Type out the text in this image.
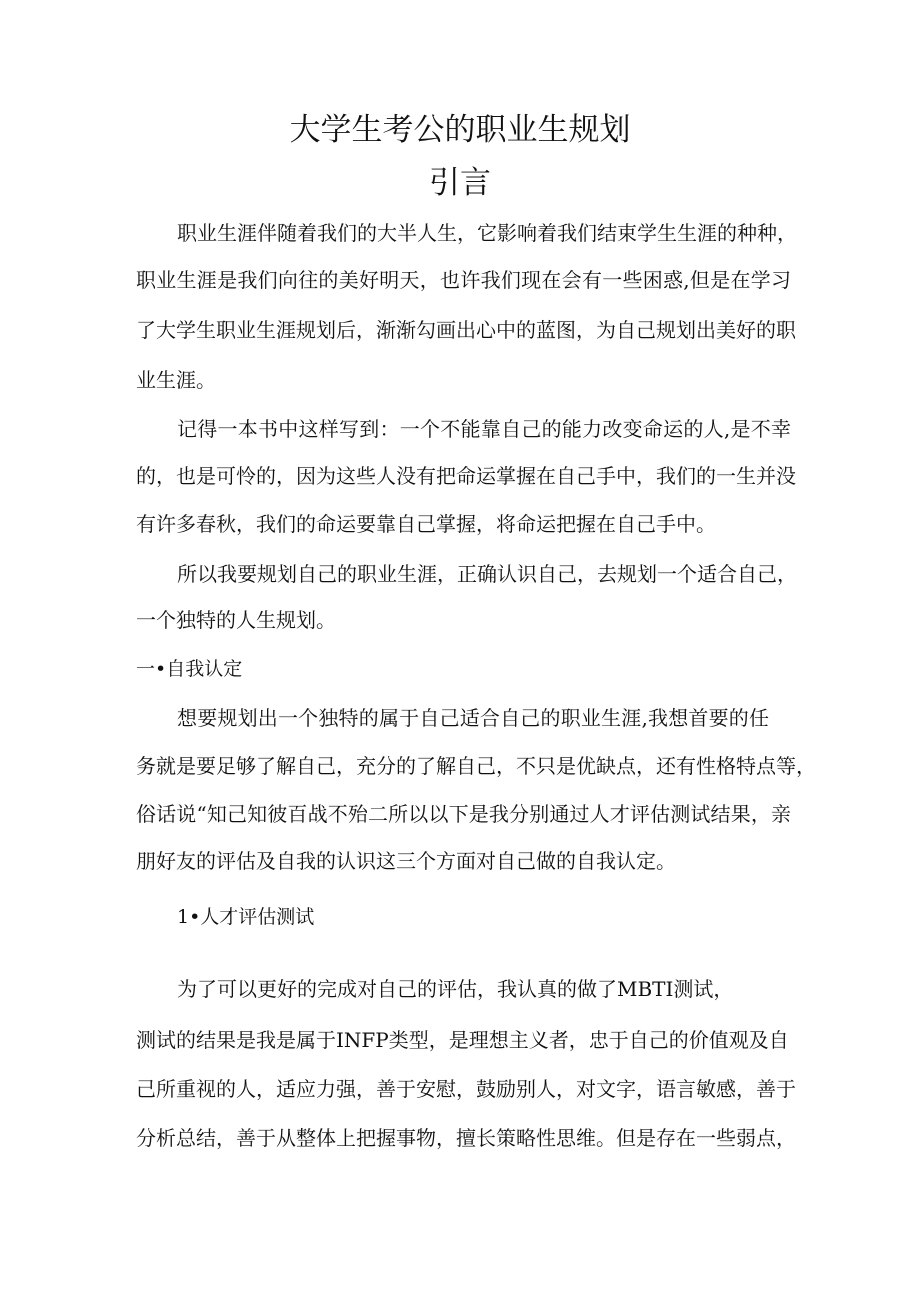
大学生考公的职业生规划
引言
职业生涯伴随着我们的大半人生，它影响着我们结束学生生涯的种种，
职业生涯是我们向往的美好明天，也许我们现在会有一些困惑,但是在学习
了大学生职业生涯规划后，渐渐勾画出心中的蓝图，为自己规划出美好的职
业生涯。
记得一本书中这样写到：一个不能靠自己的能力改变命运的人,是不幸
的，也是可怜的，因为这些人没有把命运掌握在自己手中，我们的一生并没
有许多春秋，我们的命运要靠自己掌握，将命运把握在自己手中。
所以我要规划自己的职业生涯，正确认识自己，去规划一个适合自己，
一个独特的人生规划。
一•自我认定
想要规划出一个独特的属于自己适合自己的职业生涯,我想首要的任
务就是要足够了解自己，充分的了解自己，不只是优缺点，还有性格特点等，
俗话说“知己知彼百战不殆二所以以下是我分别通过人才评估测试结果，亲
朋好友的评估及自我的认识这三个方面对自己做的自我认定。
1•人才评估测试
为了可以更好的完成对自己的评估，我认真的做了MBTI测试，
测试的结果是我是属于INFP类型，是理想主义者，忠于自己的价值观及自
己所重视的人，适应力强，善于安慰，鼓励别人，对文字，语言敏感，善于
分析总结，善于从整体上把握事物，擅长策略性思维。但是存在一些弱点，
